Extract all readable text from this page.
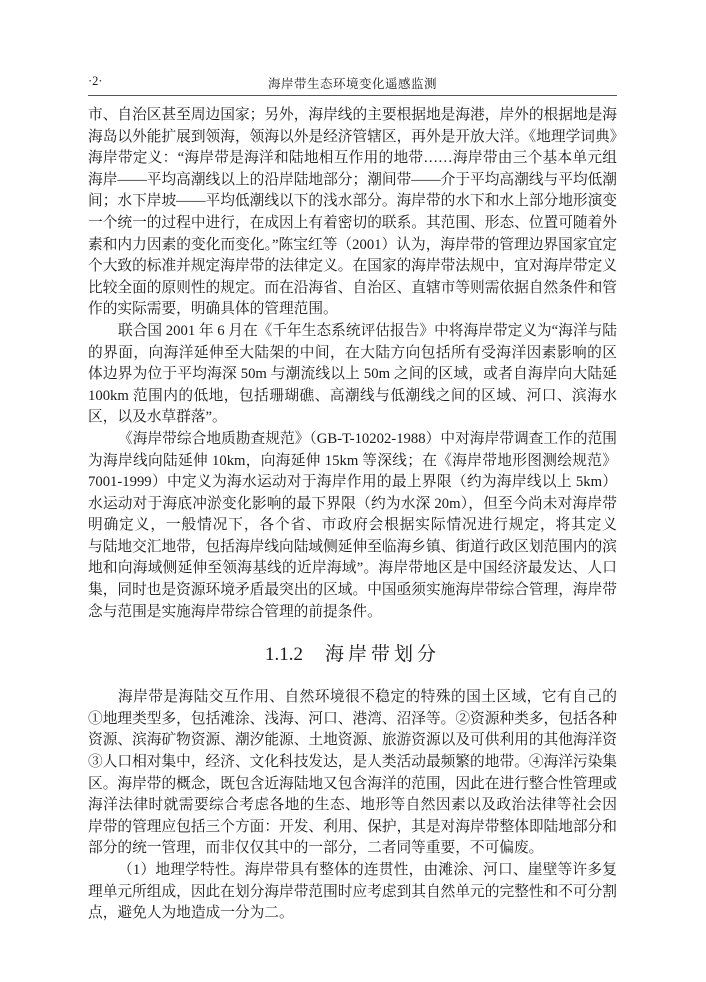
·2·	海岸带生态环境变化遥感监测
市、自治区甚至周边国家；另外，海岸线的主要根据地是海港，岸外的根据地是海
海岛以外能扩展到领海，领海以外是经济管辖区，再外是开放大洋。《地理学词典》
海岸带定义：“海岸带是海洋和陆地相互作用的地带……海岸带由三个基本单元组
海岸——平均高潮线以上的沿岸陆地部分；潮间带——介于平均高潮线与平均低潮
间；水下岸坡——平均低潮线以下的浅水部分。海岸带的水下和水上部分地形演变
一个统一的过程中进行，在成因上有着密切的联系。其范围、形态、位置可随着外
素和内力因素的变化而变化。”陈宝红等（2001）认为，海岸带的管理边界国家宜定
个大致的标准并规定海岸带的法律定义。在国家的海岸带法规中，宜对海岸带定义
比较全面的原则性的规定。而在沿海省、自治区、直辖市等则需依据自然条件和管
作的实际需要，明确具体的管理范围。
联合国 2001 年 6 月在《千年生态系统评估报告》中将海岸带定义为“海洋与陆
的界面，向海洋延伸至大陆架的中间，在大陆方向包括所有受海洋因素影响的区
体边界为位于平均海深 50m 与潮流线以上 50m 之间的区域，或者自海岸向大陆延
100km 范围内的低地，包括珊瑚礁、高潮线与低潮线之间的区域、河口、滨海水
区，以及水草群落”。
《海岸带综合地质勘查规范》（GB-T-10202-1988）中对海岸带调查工作的范围
为海岸线向陆延伸 10km，向海延伸 15km 等深线；在《海岸带地形图测绘规范》
7001-1999）中定义为海水运动对于海岸作用的最上界限（约为海岸线以上 5km）
水运动对于海底冲淤变化影响的最下界限（约为水深 20m），但至今尚未对海岸带
明确定义，一般情况下，各个省、市政府会根据实际情况进行规定，将其定义
与陆地交汇地带，包括海岸线向陆域侧延伸至临海乡镇、街道行政区划范围内的滨
地和向海域侧延伸至领海基线的近岸海域”。海岸带地区是中国经济最发达、人口
集，同时也是资源环境矛盾最突出的区域。中国亟须实施海岸带综合管理，海岸带
念与范围是实施海岸带综合管理的前提条件。
1.1.2 海岸带划分
海岸带是海陆交互作用、自然环境很不稳定的特殊的国土区域，它有自己的
①地理类型多，包括滩涂、浅海、河口、港湾、沼泽等。②资源种类多，包括各种
资源、滨海矿物资源、潮汐能源、土地资源、旅游资源以及可供利用的其他海洋资
③人口相对集中，经济、文化科技发达，是人类活动最频繁的地带。④海洋污染集
区。海岸带的概念，既包含近海陆地又包含海洋的范围，因此在进行整合性管理或
海洋法律时就需要综合考虑各地的生态、地形等自然因素以及政治法律等社会因
岸带的管理应包括三个方面：开发、利用、保护，其是对海岸带整体即陆地部分和
部分的统一管理，而非仅仅其中的一部分，二者同等重要，不可偏废。
（1）地理学特性。海岸带具有整体的连贯性，由滩涂、河口、崖壁等许多复
理单元所组成，因此在划分海岸带范围时应考虑到其自然单元的完整性和不可分割
点，避免人为地造成一分为二。
